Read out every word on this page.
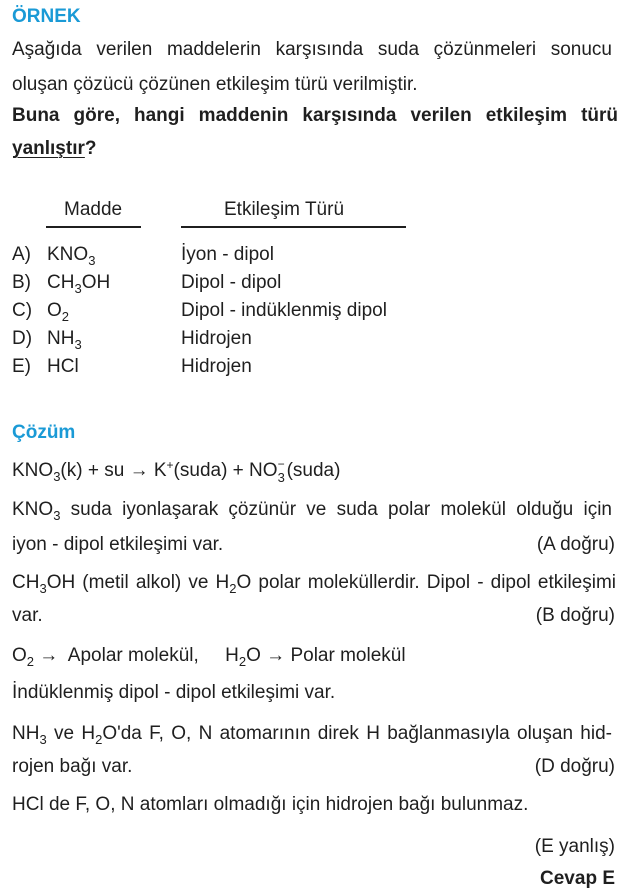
ÖRNEK
Aşağıda verilen maddelerin karşısında suda çözünmeleri sonucu
oluşan çözücü çözünen etkileşim türü verilmiştir.
Buna göre, hangi maddenin karşısında verilen etkileşim türü
yanlıştır?
Madde	Etkileşim Türü
A) $KNO_3$	İyon - dipol
B) $CH_3OH$	Dipol - dipol
C) $O_2$	Dipol - indüklenmiş dipol
D) $NH_3$	Hidrojen
E) HCl	Hidrojen
Çözüm
$KNO_3(k)$ + su → K+(suda) + NO −
3 (suda)
$KNO_3$ suda iyonlaşarak çözünür ve suda polar molekül olduğu için
iyon - dipol etkileşimi var.	(A doğru)
$CH_3OH$ (metil alkol) ve $H_2O$ polar moleküllerdir. Dipol - dipol etkileşimi
var.	(B doğru)
$O_2$ →  Apolar molekül,     $H_2O$ → Polar molekül
İndüklenmiş dipol - dipol etkileşimi var.
$NH_3$ ve $H_2O'da$ F, O, N atomarının direk H bağlanmasıyla oluşan hid-
rojen bağı var.	(D doğru)
HCl de F, O, N atomları olmadığı için hidrojen bağı bulunmaz.
(E yanlış)
Cevap E
